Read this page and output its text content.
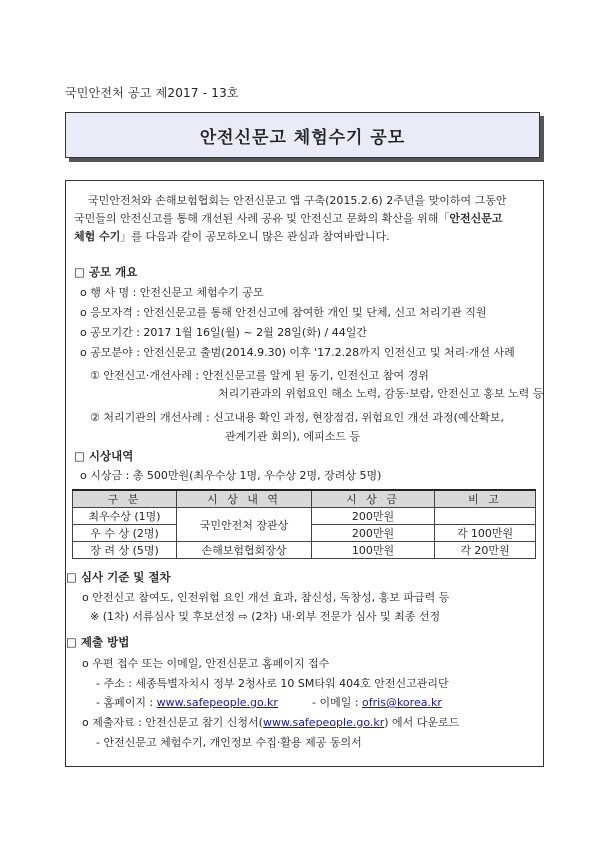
국민안전처 공고 제2017 - 13호
안전신문고 체험수기 공모

국민안전처와 손해보험협회는 안전신문고 앱 구축(2015.2.6) 2주년을 맞이하여 그동안

국민들의 안전신고를 통해 개선된 사례 공유 및 안전신고 문화의 확산을 위해「안전신문고

체험 수기」를 다음과 같이 공모하오니 많은 관심과 참여바랍니다.

□ 공모 개요
o 행 사 명 : 안전신문고 체험수기 공모
o 응모자격 : 안전신문고를 통해 안전신고에 참여한 개인 및 단체, 신고 처리기관 직원
o 공모기간 : 2017 1월 16일(월) ~ 2월 28일(화) / 44일간
o 공모분야 : 안전신문고 출범(2014.9.30) 이후 '17.2.28까지 인전신고 및 처리·개선 사례
① 안전신고·개선사례 : 안전신문고를 알게 된 동기, 인전신고 참여 경위
처리기관과의 위험요인 해소 노력, 감동·보람, 안전신고 홍보 노력 등
② 처리기관의 개선사례 : 신고내용 확인 과정, 현장점검, 위험요인 개선 과정(예산확보,
관계기관 회의), 에피소드 등
□ 시상내역
o 시상금 : 총 500만원(최우수상 1명, 우수상 2명, 장려상 5명)
구 분	시 상 내 역	시 상 금	비 고
최우수상 (1명)	국민안전처 장관상	200만원	
우 수 상 (2명)		200만원	각 100만원
장 려 상 (5명)	손해보험협회장상	100만원	각 20만원
□ 심사 기준 및 절차
o 안전신고 참여도, 인전위험 요인 개선 효과, 참신성, 독창성, 홍보 파급력 등
※ (1차) 서류심사 및 후보선정 ⇨ (2차) 내·외부 전문가 심사 및 최종 선정
□ 제출 방법
o 우편 접수 또는 이메일, 안전신문고 홈페이지 접수
- 주소 : 세종특별자치시 정부 2청사로 10 SM타워 404호 안전신고관리단
- 홈페이지 : www.safepeople.go.kr	- 이메일 : ofris@korea.kr
o 제출자료 : 안전신문고 참기 신청서(www.safepeople.go.kr) 에서 다운로드
- 안전신문고 체험수기, 개인정보 수집·활용 제공 동의서
